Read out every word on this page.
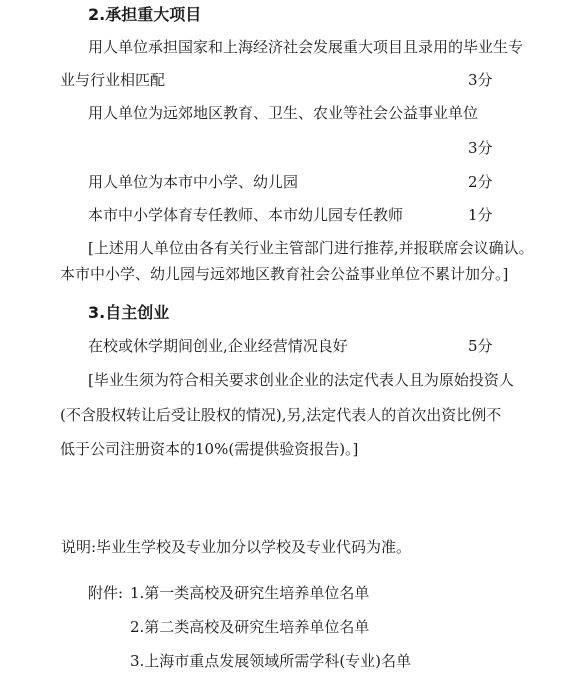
2.承担重大项目
用人单位承担国家和上海经济社会发展重大项目且录用的毕业生专
业与行业相匹配	3分
用人单位为远郊地区教育、卫生、农业等社会公益事业单位
3分
用人单位为本市中小学、幼儿园	2分
本市中小学体育专任教师、本市幼儿园专任教师	1分
[上述用人单位由各有关行业主管部门进行推荐,并报联席会议确认。
本市中小学、幼儿园与远郊地区教育社会公益事业单位不累计加分。]
3.自主创业
在校或休学期间创业,企业经营情况良好	5分
[毕业生须为符合相关要求创业企业的法定代表人且为原始投资人
(不含股权转让后受让股权的情况),另,法定代表人的首次出资比例不
低于公司注册资本的10%(需提供验资报告)。]
说明:毕业生学校及专业加分以学校及专业代码为准。
附件: 1.第一类高校及研究生培养单位名单
2.第二类高校及研究生培养单位名单
3.上海市重点发展领域所需学科(专业)名单
